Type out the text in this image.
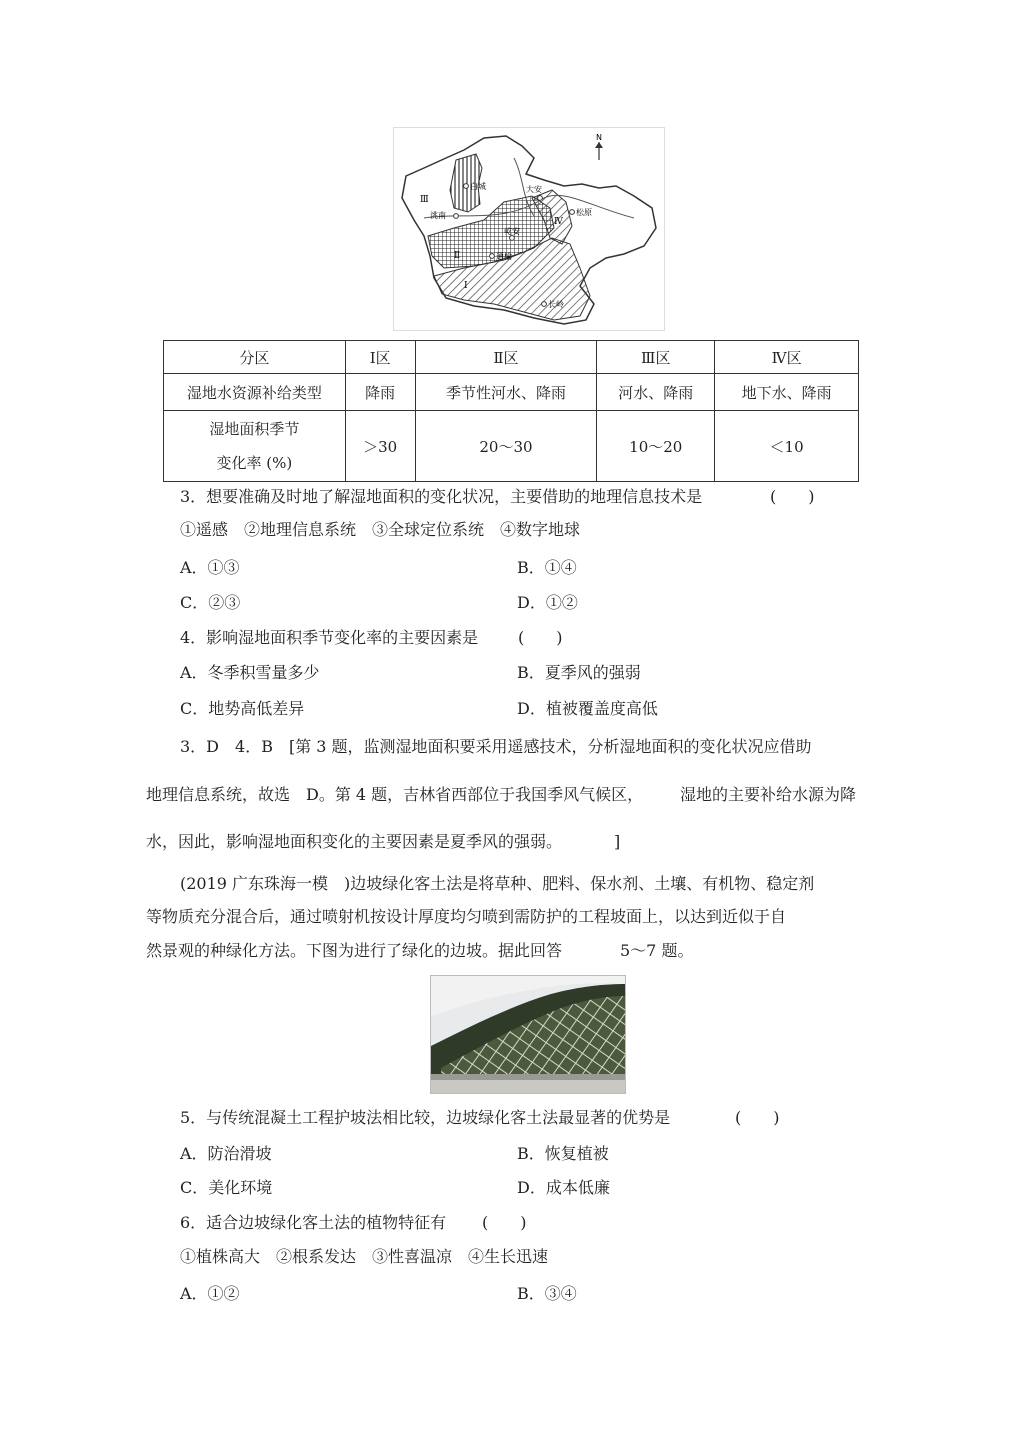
N
白城
洮南
大安
松原
乾安
通榆
长岭
Ⅰ
Ⅱ
Ⅲ
Ⅳ
分区	Ⅰ区	Ⅱ区	Ⅲ区	Ⅳ区
湿地水资源补给类型	降雨	季节性河水、降雨	河水、降雨	地下水、降雨

湿地面积季节
变化率 (%)	＞30	20～30	10～20	＜10
3．想要准确及时地了解湿地面积的变化状况，主要借助的地理信息技术是	(　　)
①遥感　②地理信息系统　③全球定位系统　④数字地球
A．①③	B．①④
C．②③	D．①②
4．影响湿地面积季节变化率的主要因素是 (　　)
A．冬季积雪量多少	B．夏季风的强弱
C．地势高低差异	D．植被覆盖度高低
3．D　4．B　[第 3 题，监测湿地面积要采用遥感技术，分析湿地面积的变化状况应借助
地理信息系统，故选　D。第 4 题，吉林省西部位于我国季风气候区， 湿地的主要补给水源为降
水，因此，影响湿地面积变化的主要因素是夏季风的强弱。	]
(2019 广东珠海一模　)边坡绿化客土法是将草种、肥料、保水剂、土壤、有机物、稳定剂
等物质充分混合后，通过喷射机按设计厚度均匀喷到需防护的工程坡面上，以达到近似于自
然景观的种绿化方法。下图为进行了绿化的边坡。据此回答	5～7 题。
5．与传统混凝土工程护坡法相比较，边坡绿化客土法最显著的优势是	(　　)
A．防治滑坡	B．恢复植被
C．美化环境	D．成本低廉
6．适合边坡绿化客土法的植物特征有 (　　)
①植株高大　②根系发达　③性喜温凉　④生长迅速
A．①②	B．③④
